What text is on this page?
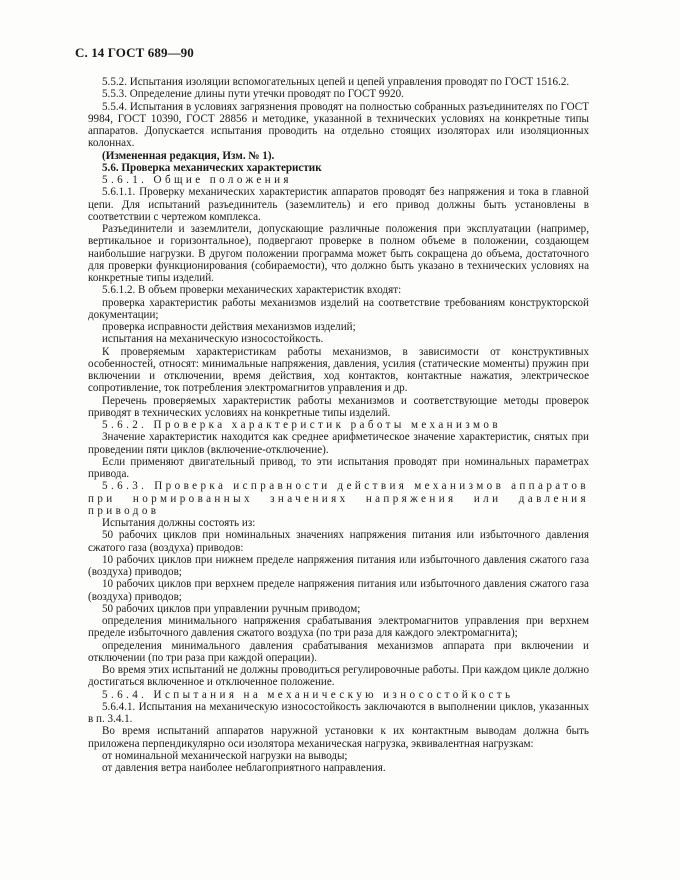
С. 14 ГОСТ 689—90

5.5.2. Испытания изоляции вспомогательных цепей и цепей управления проводят по ГОСТ 1516.2.

5.5.3. Определение длины пути утечки проводят по ГОСТ 9920.

5.5.4. Испытания в условиях загрязнения проводят на полностью собранных разъединителях по ГОСТ 9984, ГОСТ 10390, ГОСТ 28856 и методике, указанной в технических условиях на конкретные типы аппаратов. Допускается испытания проводить на отдельно стоящих изоляторах или изоляционных колоннах.

(Измененная редакция, Изм. № 1).

5.6. Проверка механических характеристик

5.6.1. Общие положения

5.6.1.1. Проверку механических характеристик аппаратов проводят без напряжения и тока в главной цепи. Для испытаний разъединитель (заземлитель) и его привод должны быть установлены в соответствии с чертежом комплекса.

Разъединители и заземлители, допускающие различные положения при эксплуатации (например, вертикальное и горизонтальное), подвергают проверке в полном объеме в положении, создающем наибольшие нагрузки. В другом положении программа может быть сокращена до объема, достаточного для проверки функционирования (собираемости), что должно быть указано в технических условиях на конкретные типы изделий.

5.6.1.2. В объем проверки механических характеристик входят:

проверка характеристик работы механизмов изделий на соответствие требованиям конструкторской документации;

проверка исправности действия механизмов изделий;

испытания на механическую износостойкость.

К проверяемым характеристикам работы механизмов, в зависимости от конструктивных особенностей, относят: минимальные напряжения, давления, усилия (статические моменты) пружин при включении и отключении, время действия, ход контактов, контактные нажатия, электрическое сопротивление, ток потребления электромагнитов управления и др.

Перечень проверяемых характеристик работы механизмов и соответствующие методы проверок приводят в технических условиях на конкретные типы изделий.

5.6.2. Проверка характеристик работы механизмов

Значение характеристик находится как среднее арифметическое значение характеристик, снятых при проведении пяти циклов (включение-отключение).

Если применяют двигательный привод, то эти испытания проводят при номинальных параметрах привода.

5.6.3. Проверка исправности действия механизмов аппаратов при нормированных значениях напряжения или давления приводов

Испытания должны состоять из:

50 рабочих циклов при номинальных значениях напряжения питания или избыточного давления сжатого газа (воздуха) приводов:

10 рабочих циклов при нижнем пределе напряжения питания или избыточного давления сжатого газа (воздуха) приводов;

10 рабочих циклов при верхнем пределе напряжения питания или избыточного давления сжатого газа (воздуха) приводов;

50 рабочих циклов при управлении ручным приводом;

определения минимального напряжения срабатывания электромагнитов управления при верхнем пределе избыточного давления сжатого воздуха (по три раза для каждого электромагнита);

определения минимального давления срабатывания механизмов аппарата при включении и отключении (по три раза при каждой операции).

Во время этих испытаний не должны проводиться регулировочные работы. При каждом цикле должно достигаться включенное и отключенное положение.

5.6.4. Испытания на механическую износостойкость

5.6.4.1. Испытания на механическую износостойкость заключаются в выполнении циклов, указанных в п. 3.4.1.

Во время испытаний аппаратов наружной установки к их контактным выводам должна быть приложена перпендикулярно оси изолятора механическая нагрузка, эквивалентная нагрузкам:

от номинальной механической нагрузки на выводы;

от давления ветра наиболее неблагоприятного направления.
